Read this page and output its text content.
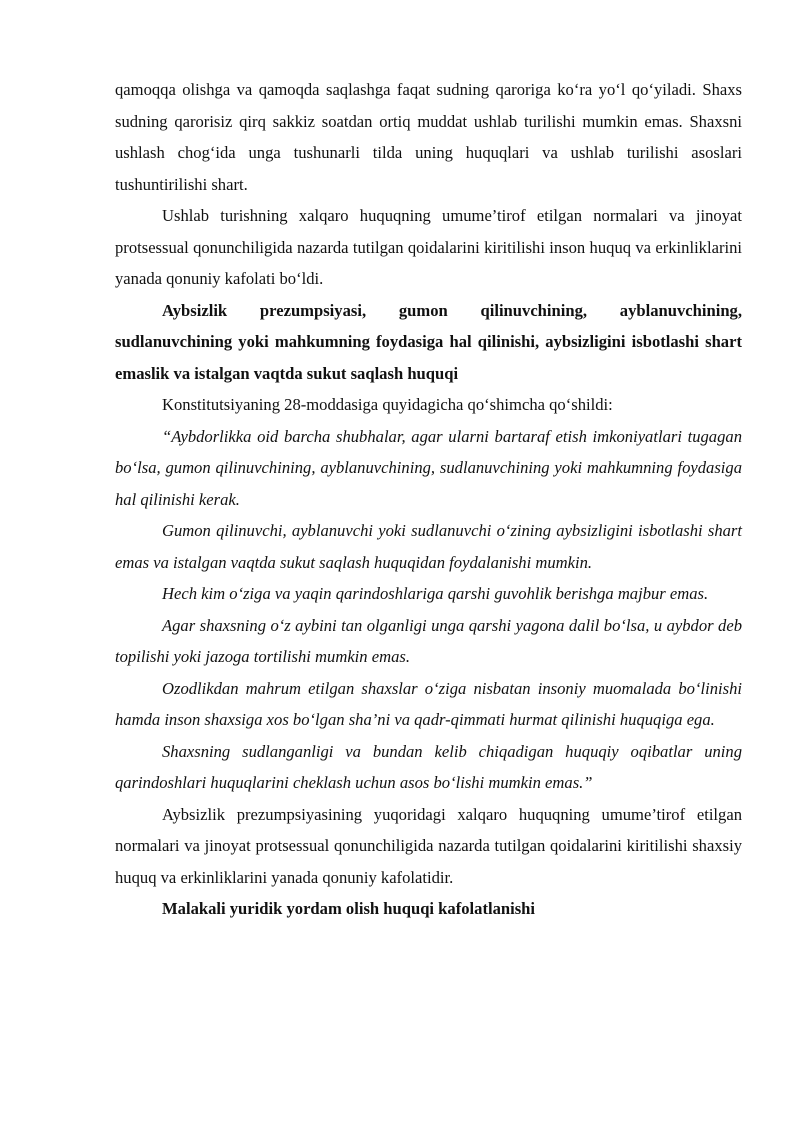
qamoqqa olishga va qamoqda saqlashga faqat sudning qaroriga ko‘ra yo‘l qo‘yiladi. Shaxs sudning qarorisiz qirq sakkiz soatdan ortiq muddat ushlab turilishi mumkin emas. Shaxsni ushlash chog‘ida unga tushunarli tilda uning huquqlari va ushlab turilishi asoslari tushuntirilishi shart.

Ushlab turishning xalqaro huquqning umume’tirof etilgan normalari va jinoyat protsessual qonunchiligida nazarda tutilgan qoidalarini kiritilishi inson huquq va erkinliklarini yanada qonuniy kafolati bo‘ldi.

Aybsizlik prezumpsiyasi, gumon qilinuvchining, ayblanuvchining, sudlanuvchining yoki mahkumning foydasiga hal qilinishi, aybsizligini isbotlashi shart emaslik va istalgan vaqtda sukut saqlash huquqi

Konstitutsiyaning 28-moddasiga quyidagicha qo‘shimcha qo‘shildi:

“Aybdorlikka oid barcha shubhalar, agar ularni bartaraf etish imkoniyatlari tugagan bo‘lsa, gumon qilinuvchining, ayblanuvchining, sudlanuvchining yoki mahkumning foydasiga hal qilinishi kerak.

Gumon qilinuvchi, ayblanuvchi yoki sudlanuvchi o‘zining aybsizligini isbotlashi shart emas va istalgan vaqtda sukut saqlash huquqidan foydalanishi mumkin.

Hech kim o‘ziga va yaqin qarindoshlariga qarshi guvohlik berishga majbur emas.

Agar shaxsning o‘z aybini tan olganligi unga qarshi yagona dalil bo‘lsa, u aybdor deb topilishi yoki jazoga tortilishi mumkin emas.

Ozodlikdan mahrum etilgan shaxslar o‘ziga nisbatan insoniy muomalada bo‘linishi hamda inson shaxsiga xos bo‘lgan sha’ni va qadr-qimmati hurmat qilinishi huquqiga ega.

Shaxsning sudlanganligi va bundan kelib chiqadigan huquqiy oqibatlar uning qarindoshlari huquqlarini cheklash uchun asos bo‘lishi mumkin emas.”

Aybsizlik prezumpsiyasining yuqoridagi xalqaro huquqning umume’tirof etilgan normalari va jinoyat protsessual qonunchiligida nazarda tutilgan qoidalarini kiritilishi shaxsiy huquq va erkinliklarini yanada qonuniy kafolatidir.

Malakali yuridik yordam olish huquqi kafolatlanishi
